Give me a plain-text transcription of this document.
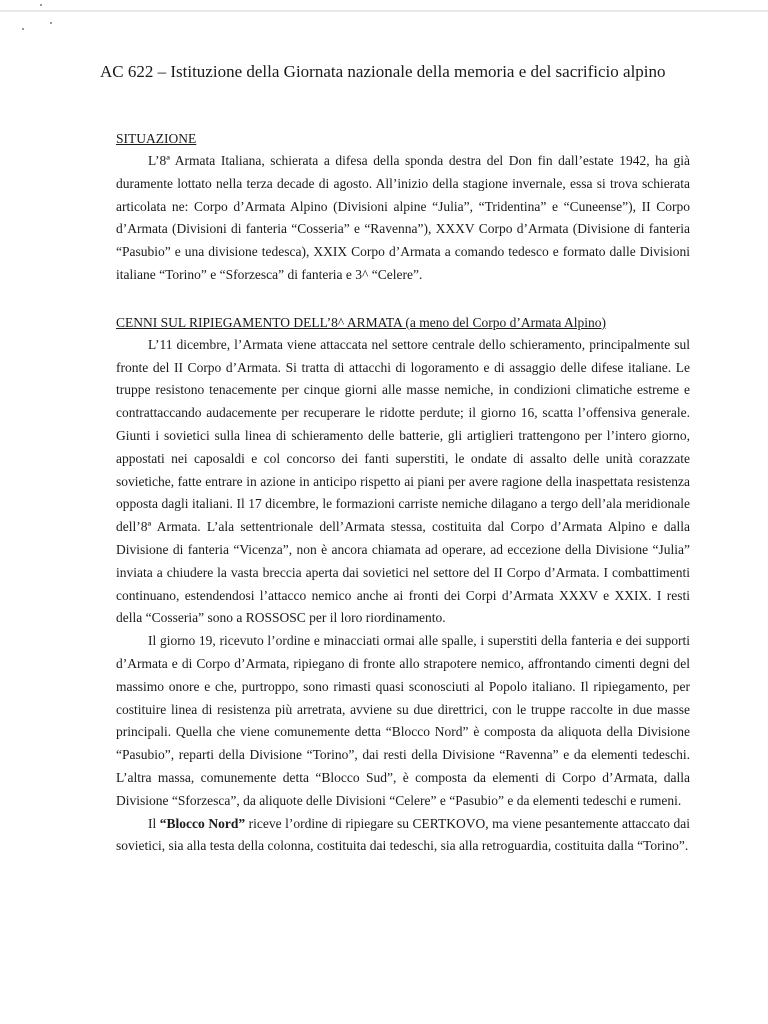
AC 622 – Istituzione della Giornata nazionale della memoria e del sacrificio alpino
SITUAZIONE

L’8ª Armata Italiana, schierata a difesa della sponda destra del Don fin dall’estate 1942, ha già duramente lottato nella terza decade di agosto. All’inizio della stagione invernale, essa si trova schierata articolata ne: Corpo d’Armata Alpino (Divisioni alpine “Julia”, “Tridentina” e “Cuneense”), II Corpo d’Armata (Divisioni di fanteria “Cosseria” e “Ravenna”), XXXV Corpo d’Armata (Divisione di fanteria “Pasubio” e una divisione tedesca), XXIX Corpo d’Armata a comando tedesco e formato dalle Divisioni italiane “Torino” e “Sforzesca” di fanteria e 3^ “Celere”.

CENNI SUL RIPIEGAMENTO DELL’8^ ARMATA (a meno del Corpo d’Armata Alpino)

L’11 dicembre, l’Armata viene attaccata nel settore centrale dello schieramento, principalmente sul fronte del II Corpo d’Armata. Si tratta di attacchi di logoramento e di assaggio delle difese italiane. Le truppe resistono tenacemente per cinque giorni alle masse nemiche, in condizioni climatiche estreme e contrattaccando audacemente per recuperare le ridotte perdute; il giorno 16, scatta l’offensiva generale. Giunti i sovietici sulla linea di schieramento delle batterie, gli artiglieri trattengono per l’intero giorno, appostati nei caposaldi e col concorso dei fanti superstiti, le ondate di assalto delle unità corazzate sovietiche, fatte entrare in azione in anticipo rispetto ai piani per avere ragione della inaspettata resistenza opposta dagli italiani. Il 17 dicembre, le formazioni carriste nemiche dilagano a tergo dell’ala meridionale dell’8ª Armata. L’ala settentrionale dell’Armata stessa, costituita dal Corpo d’Armata Alpino e dalla Divisione di fanteria “Vicenza”, non è ancora chiamata ad operare, ad eccezione della Divisione “Julia” inviata a chiudere la vasta breccia aperta dai sovietici nel settore del II Corpo d’Armata. I combattimenti continuano, estendendosi l’attacco nemico anche ai fronti dei Corpi d’Armata XXXV e XXIX. I resti della “Cosseria” sono a ROSSOSC per il loro riordinamento.

Il giorno 19, ricevuto l’ordine e minacciati ormai alle spalle, i superstiti della fanteria e dei supporti d’Armata e di Corpo d’Armata, ripiegano di fronte allo strapotere nemico, affrontando cimenti degni del massimo onore e che, purtroppo, sono rimasti quasi sconosciuti al Popolo italiano. Il ripiegamento, per costituire linea di resistenza più arretrata, avviene su due direttrici, con le truppe raccolte in due masse principali. Quella che viene comunemente detta “Blocco Nord” è composta da aliquota della Divisione “Pasubio”, reparti della Divisione “Torino”, dai resti della Divisione “Ravenna” e da elementi tedeschi. L’altra massa, comunemente detta “Blocco Sud”, è composta da elementi di Corpo d’Armata, dalla Divisione “Sforzesca”, da aliquote delle Divisioni “Celere” e “Pasubio” e da elementi tedeschi e rumeni.

Il “Blocco Nord” riceve l’ordine di ripiegare su CERTKOVO, ma viene pesantemente attaccato dai sovietici, sia alla testa della colonna, costituita dai tedeschi, sia alla retroguardia, costituita dalla “Torino”.
